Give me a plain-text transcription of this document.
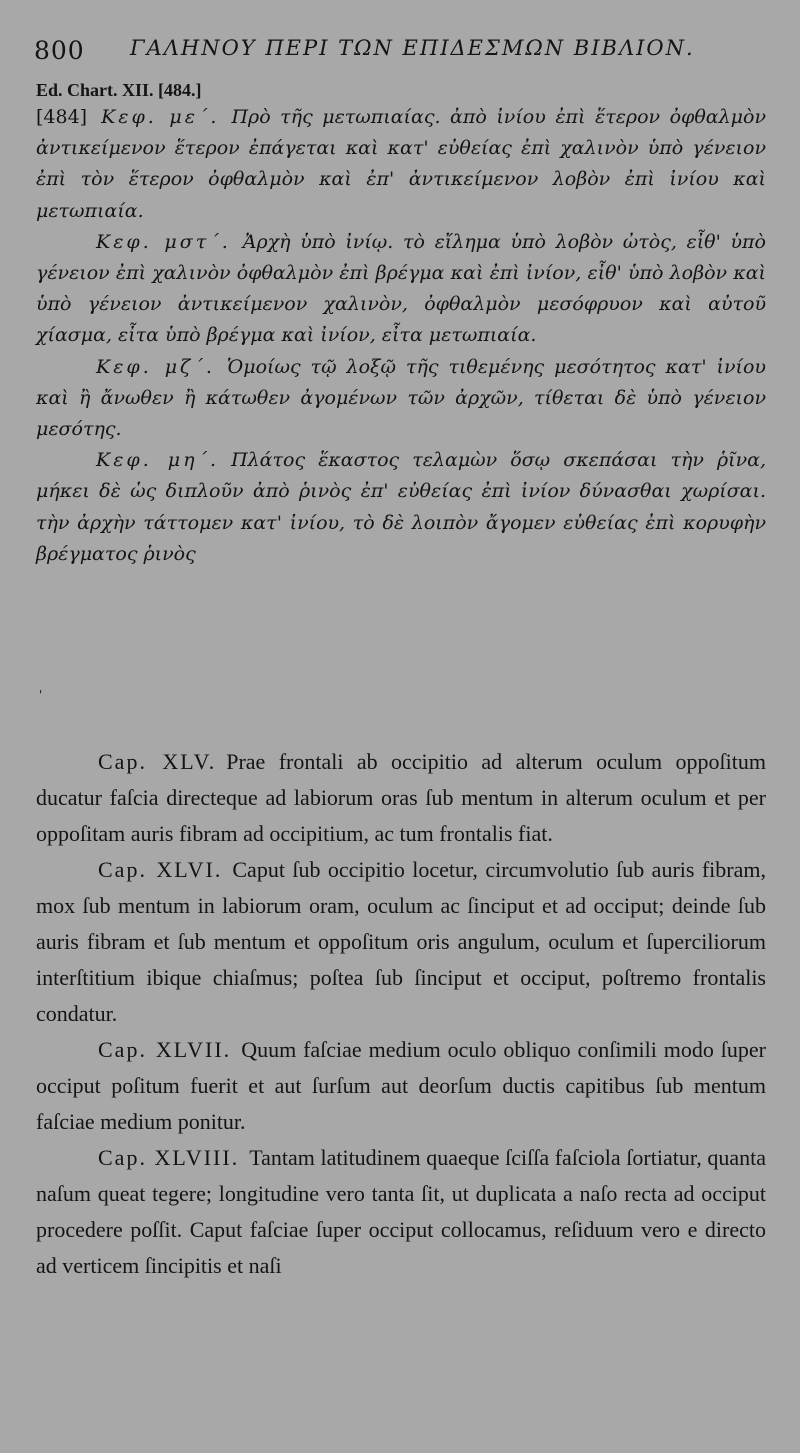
800 ΓΑΛΗΝΟΥ ΠΕΡΙ ΤΩΝ ΕΠΙΔΕΣΜΩΝ ΒΙΒΛΙΟΝ.
Ed. Chart. XII. [484.]

[484] Κεφ. με΄. Πρὸ τῆς μετωπιαίας. ἀπὸ ἰνίου ἐπὶ ἕτερον ὀφθαλμὸν ἀντικείμενον ἕτερον ἐπάγεται καὶ κατ' εὐθείας ἐπὶ χαλινὸν ὑπὸ γένειον ἐπὶ τὸν ἕτερον ὀφθαλμὸν καὶ ἐπ' ἀντικείμενον λοβὸν ἐπὶ ἰνίου καὶ μετωπιαία.

Κεφ. μστ΄. Ἀρχὴ ὑπὸ ἰνίῳ. τὸ εἴλημα ὑπὸ λοβὸν ὠτὸς, εἶθ' ὑπὸ γένειον ἐπὶ χαλινὸν ὀφθαλμὸν ἐπὶ βρέγμα καὶ ἐπὶ ἰνίον, εἶθ' ὑπὸ λοβὸν καὶ ὑπὸ γένειον ἀντικείμενον χαλινὸν, ὀφθαλμὸν μεσόφρυον καὶ αὐτοῦ χίασμα, εἶτα ὑπὸ βρέγμα καὶ ἰνίον, εἶτα μετωπιαία.

Κεφ. μζ΄. Ὁμοίως τῷ λοξῷ τῆς τιθεμένης μεσότητος κατ' ἰνίου καὶ ἢ ἄνωθεν ἢ κάτωθεν ἀγομένων τῶν ἀρχῶν, τίθεται δὲ ὑπὸ γένειον μεσότης.

Κεφ. μη΄. Πλάτος ἕκαστος τελαμὼν ὅσῳ σκεπάσαι τὴν ῥῖνα, μήκει δὲ ὡς διπλοῦν ἀπὸ ῥινὸς ἐπ' εὐθείας ἐπὶ ἰνίον δύνασθαι χωρίσαι. τὴν ἀρχὴν τάττομεν κατ' ἰνίου, τὸ δὲ λοιπὸν ἄγομεν εὐθείας ἐπὶ κορυφὴν βρέγματος ῥινὸς

'

Cap. XLV. Prae frontali ab occipitio ad alterum oculum oppoſitum ducatur faſcia directeque ad labiorum oras ſub mentum in alterum oculum et per oppoſitam auris fibram ad occipitium, ac tum frontalis fiat.

Cap. XLVI. Caput ſub occipitio locetur, circumvolutio ſub auris fibram, mox ſub mentum in labiorum oram, oculum ac ſinciput et ad occiput; deinde ſub auris fibram et ſub mentum et oppoſitum oris angulum, oculum et ſuperciliorum interſtitium ibique chiaſmus; poſtea ſub ſinciput et occiput, poſtremo frontalis condatur.

Cap. XLVII. Quum faſciae medium oculo obliquo conſimili modo ſuper occiput poſitum fuerit et aut ſurſum aut deorſum ductis capitibus ſub mentum faſciae medium ponitur.

Cap. XLVIII. Tantam latitudinem quaeque ſciſſa faſciola ſortiatur, quanta naſum queat tegere; longitudine vero tanta ſit, ut duplicata a naſo recta ad occiput procedere poſſit. Caput faſciae ſuper occiput collocamus, reſiduum vero e directo ad verticem ſincipitis et naſi
